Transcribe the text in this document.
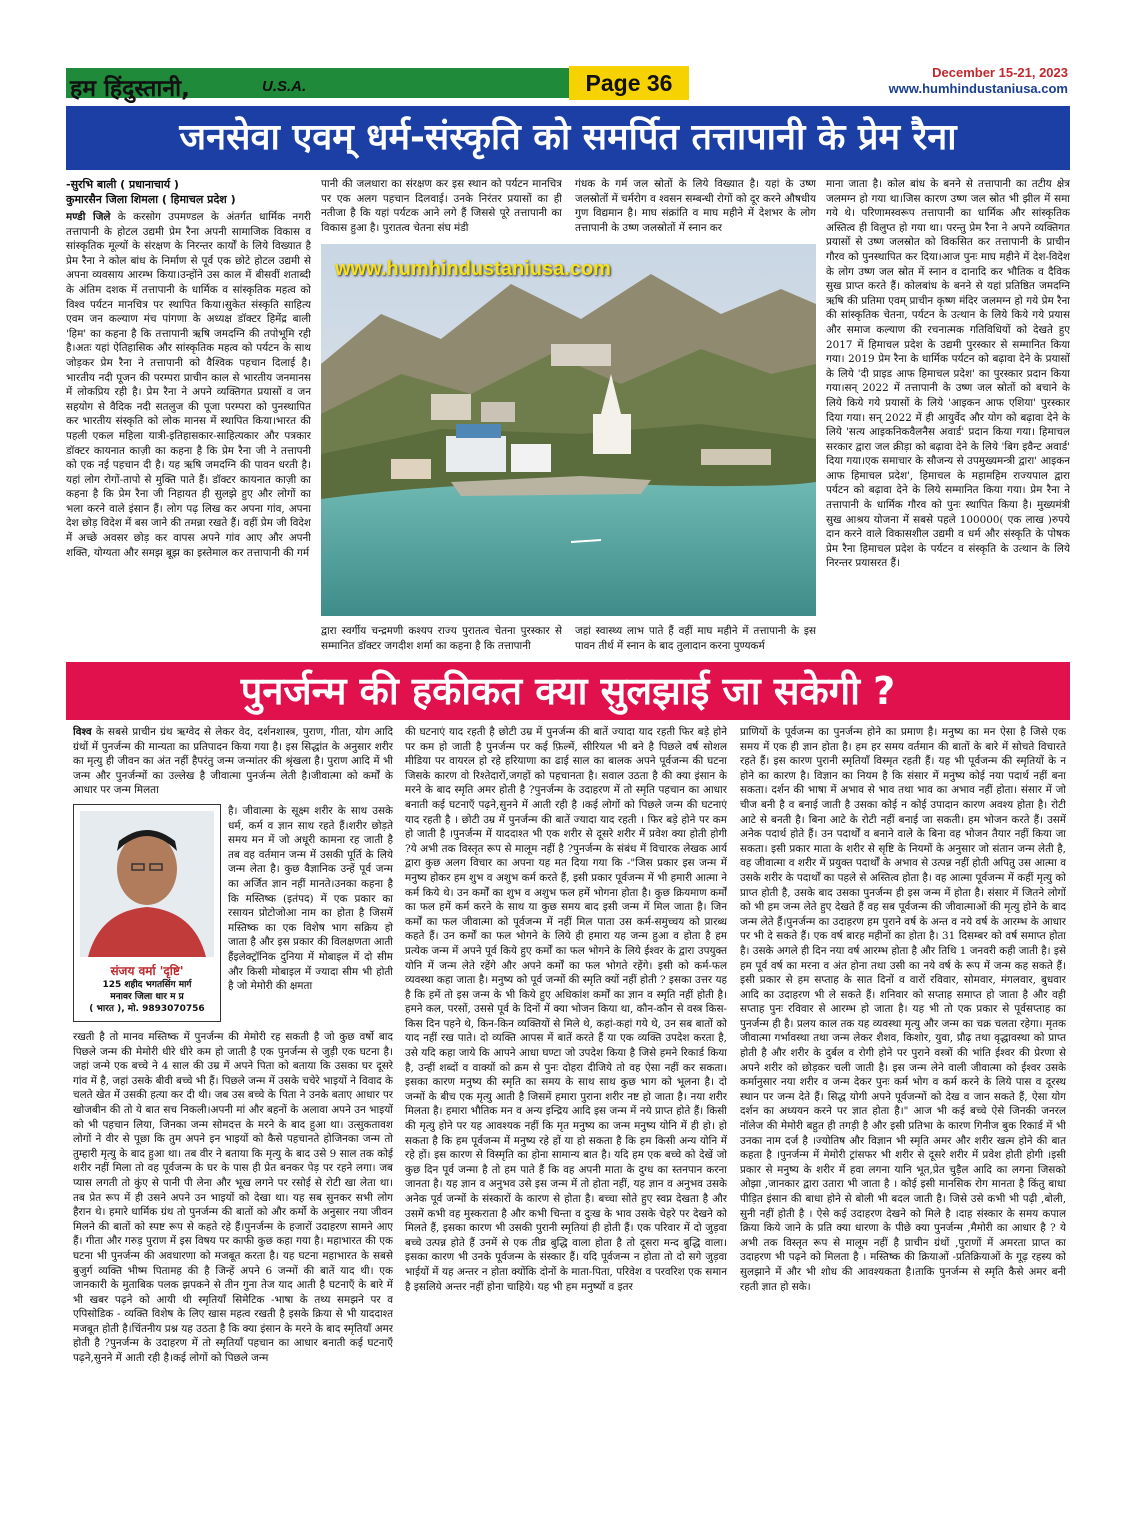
हम हिंदुस्तानी,	U.S.A.	Page 36	December 15-21, 2023
www.humhindustaniusa.com
जनसेवा एवम् धर्म-संस्कृति को समर्पित तत्तापानी के प्रेम रैना
-सुरभि बाली ( प्रधानाचार्य )
कुमारसैन जिला शिमला ( हिमाचल प्रदेश )
मण्डी जिले के करसोग उपमण्डल के अंतर्गत धार्मिक नगरी तत्तापानी के होटल उद्यमी प्रेम रैना अपनी सामाजिक विकास व सांस्कृतिक मूल्यों के संरक्षण के निरन्तर कार्यों के लिये विख्यात है प्रेम रैना ने कोल बांध के निर्माण से पूर्व एक छोटे होटल उद्यमी से अपना व्यवसाय आरम्भ किया।उन्होंने उस काल में बीसवीं शताब्दी के अंतिम दशक में तत्तापानी के धार्मिक व सांस्कृतिक महत्व को विश्व पर्यटन मानचित्र पर स्थापित किया।सुकेत संस्कृति साहित्य एवम जन कल्याण मंच पांगणा के अध्यक्ष डॉक्टर हिमेंद्र बाली 'हिम' का कहना है कि तत्तापानी ऋषि जमदग्नि की तपोभूमि रही है।अतः यहां ऐतिहासिक और सांस्कृतिक महत्व को पर्यटन के साथ जोड़कर प्रेम रैना ने तत्तापानी को वैश्विक पहचान दिलाई है। भारतीय नदी पूजन की परम्परा प्राचीन काल से भारतीय जनमानस में लोकप्रिय रही है। प्रेम रैना ने अपने व्यक्तिगत प्रयासों व जन सहयोग से वैदिक नदी सतलुज की पूजा परम्परा को पुनस्थापित कर भारतीय संस्कृति को लोक मानस में स्थापित किया।भारत की पहली एकल महिला यात्री-इतिहासकार-साहित्यकार और पत्रकार डॉक्टर कायनात काज़ी का कहना है कि प्रेम रैना जी ने तत्तापनी को एक नई पहचान दी है। यह ऋषि जमदग्नि की पावन धरती है। यहां लोग रोगों-तापो से मुक्ति पाते हैं। डॉक्टर कायनात काज़ी का कहना है कि प्रेम रैना जी निहायत ही सुलझे हुए और लोगों का भला करने वाले इंसान हैं। लोग पढ़ लिख कर अपना गांव, अपना देश छोड़ विदेश में बस जाने की तमन्ना रखते हैं। वहीं प्रेम जी विदेश में अच्छे अवसर छोड़ कर वापस अपने गांव आए और अपनी शक्ति, योग्यता और समझ बूझ का इस्तेमाल कर तत्तापानी की गर्म
पानी की जलधारा का संरक्षण कर इस स्थान को पर्यटन मानचित्र पर एक अलग पहचान दिलवाई। उनके निरंतर प्रयासों का ही नतीजा है कि यहां पर्यटक आने लगे हैं जिससे पूरे तत्तापानी का विकास हुआ है। पुरातत्व चेतना संघ मंडी
गंधक के गर्म जल स्रोतों के लिये विख्यात है। यहां के उष्ण जलस्रोतों में चर्मरोग व श्वसन सम्बन्धी रोगों को दूर करने औषधीय गुण विद्यमान है। माघ संक्रांति व माघ महीने में देशभर के लोग तत्तापानी के उष्ण जलस्रोतों में स्नान कर
www.humhindustaniusa.com
द्वारा स्वर्गीय चन्द्रमणी कश्यप राज्य पुरातत्व चेतना पुरस्कार से सम्मानित डॉक्टर जगदीश शर्मा का कहना है कि तत्तापानी
जहां स्वास्थ्य लाभ पाते हैं वहीं माघ महीने में तत्तापानी के इस पावन तीर्थ में स्नान के बाद तुलादान करना पुण्यकर्म
माना जाता है। कोल बांध के बनने से तत्तापानी का तटीय क्षेत्र जलमग्न हो गया था।जिस कारण उष्ण जल स्रोत भी झील में समा गये थे। परिणामस्वरूप तत्तापानी का धार्मिक और सांस्कृतिक अस्तित्व ही विलुप्त हो गया था। परन्तु प्रेम रैना ने अपने व्यक्तिगत प्रयासों से उष्ण जलस्रोत को विकसित कर तत्तापानी के प्राचीन गौरव को पुनस्थापित कर दिया।आज पुनः माघ महीने में देश-विदेश के लोग उष्ण जल स्रोत में स्नान व दानादि कर भौतिक व दैविक सुख प्राप्त करते हैं। कोलबांध के बनने से यहां प्रतिष्ठित जमदग्नि ऋषि की प्रतिमा एवम् प्राचीन कृष्ण मंदिर जलमग्न हो गये प्रेम रैना की सांस्कृतिक चेतना, पर्यटन के उत्थान के लिये किये गये प्रयास और समाज कल्याण की रचनात्मक गतिविधियों को देखते हुए 2017 में हिमाचल प्रदेश के उद्यमी पुरस्कार से सम्मानित किया गया। 2019 प्रेम रैना के धार्मिक पर्यटन को बढ़ावा देने के प्रयासों के लिये 'दी प्राइड आफ हिमाचल प्रदेश' का पुरस्कार प्रदान किया गया।सन् 2022 में तत्तापानी के उष्ण जल स्रोतों को बचाने के लिये किये गये प्रयासों के लिये 'आइकन आफ एशिया' पुरस्कार दिया गया। सन् 2022 में ही आयुर्वेद और योग को बढ़ावा देने के लिये 'सत्य आइकनिकवैलनैस अवार्ड' प्रदान किया गया। हिमाचल सरकार द्वारा जल क्रीड़ा को बढ़ावा देने के लिये 'बिग इवैन्ट अवार्ड' दिया गया।एक समाचार के सौजन्य से उपमुख्यमन्त्री द्वारा' आइकन आफ हिमाचल प्रदेश', हिमाचल के महामहिम राज्यपाल द्वारा पर्यटन को बढ़ावा देने के लिये सम्मानित किया गया। प्रेम रैना ने तत्तापानी के धार्मिक गौरव को पुनः स्थापित किया है। मुख्यमंत्री सुख आश्रय योजना में सबसे पहले 100000( एक लाख )रुपये दान करने वाले विकासशील उद्यमी व धर्म और संस्कृति के पोषक प्रेम रैना हिमाचल प्रदेश के पर्यटन व संस्कृति के उत्थान के लिये निरन्तर प्रयासरत हैं।
पुनर्जन्म की हकीकत क्या सुलझाई जा सकेगी ?
विश्व के सबसे प्राचीन ग्रंथ ऋग्वेद से लेकर वेद, दर्शनशास्त्र, पुराण, गीता, योग आदि ग्रंथों में पुनर्जन्म की मान्यता का प्रतिपादन किया गया है। इस सिद्धांत के अनुसार शरीर का मृत्यु ही जीवन का अंत नहीं हैपरंतु जन्म जन्मांतर की श्रृंखला है। पुराण आदि में भी जन्म और पुनर्जन्मों का उल्लेख है जीवात्मा पुनर्जन्म लेती है।जीवात्मा को कर्मों के आधार पर जन्म मिलता
संजय वर्मा 'दृष्टि'
125 शहीद भगतसिंग मार्ग
मनावर जिला धार म प्र
( भारत ), मो. 9893070756
है। जीवात्मा के सूक्ष्म शरीर के साथ उसके धर्म, कर्म व ज्ञान साथ रहते हैं।शरीर छोड़ते समय मन में जो अधूरी कामना रह जाती है तब वह वर्तमान जन्म में उसकी पूर्ति के लिये जन्म लेता है। कुछ वैज्ञानिक उन्हें पूर्व जन्म का अर्जित ज्ञान नहीं मानते।उनका कहना है कि मस्तिष्क (इतंपद) में एक प्रकार का रसायन प्रोटोजोआ नाम का होता है जिसमें मस्तिष्क का एक विशेष भाग सक्रिय हो जाता है और इस प्रकार की विलक्षणता आती हैंइलेक्ट्रॉनिक दुनिया में मोबाइल में दो सीम और किसी मोबाइल में ज्यादा सीम भी होती है जो मेमोरी की क्षमता
रखती है तो मानव मस्तिष्क में पुनर्जन्म की मेमोरी रह सकती है जो कुछ वर्षो बाद पिछले जन्म की मेमोरी धीरे धीरे कम हो जाती है एक पुनर्जन्म से जुड़ी एक घटना है।जहां जन्मे एक बच्चे ने 4 साल की उम्र में अपने पिता को बताया कि उसका घर दूसरे गांव में है, जहां उसके बीवी बच्चे भी हैं। पिछले जन्म में उसके चचेरे भाइयों ने विवाद के चलते खेत में उसकी हत्या कर दी थी। जब उस बच्चे के पिता ने उनके बताए आधार पर खोजबीन की तो ये बात सच निकली।अपनी मां और बहनों के अलावा अपने उन भाइयों को भी पहचान लिया, जिनका जन्म सोमदत्त के मरने के बाद हुआ था। उत्सुकतावश लोगों ने वीर से पूछा कि तुम अपने इन भाइयों को कैसे पहचानते होजिनका जन्म तो तुम्हारी मृत्यु के बाद हुआ था। तब वीर ने बताया कि मृत्यु के बाद उसे 9 साल तक कोई शरीर नहीं मिला तो वह पूर्वजन्म के घर के पास ही प्रेत बनकर पेड़ पर रहने लगा। जब प्यास लगती तो कुंए से पानी पी लेना और भूख लगने पर रसोई से रोटी खा लेता था। तब प्रेत रूप में ही उसने अपने उन भाइयों को देखा था। यह सब सुनकर सभी लोग हैरान थे। हमारे धार्मिक ग्रंथ तो पुनर्जन्म की बातों को और कर्मो के अनुसार नया जीवन मिलने की बातों को स्पष्ट रूप से कहते रहे हैं।पुनर्जन्म के हजारों उदाहरण सामने आए हैं। गीता और गरुड़ पुराण में इस विषय पर काफी कुछ कहा गया है। महाभारत की एक घटना भी पुनर्जन्म की अवधारणा को मजबूत करता है। यह घटना महाभारत के सबसे बुजुर्ग व्यक्ति भीष्म पितामह की है जिन्हें अपने 6 जन्मों की बातें याद थी। एक जानकारी के मुताबिक पलक झपकने से तीन गुना तेज याद आती है घटनाएँ के बारे में भी खबर पढ़ने को आयी थी स्मृतियाँ सिमेटिक -भाषा के तथ्य समझने पर व एपिसोडिक - व्यक्ति विशेष के लिए खास महत्व रखती है इसके क्रिया से भी याददाश्त मजबूत होती है।चिंतनीय प्रश्न यह उठता है कि क्या इंसान के मरने के बाद स्मृतियाँ अमर होती है ?पुनर्जन्म के उदाहरण में तो स्मृतियाँ पहचान का आधार बनाती कई घटनाएँ पढ़ने,सुनने में आती रही है।कई लोगों को पिछले जन्म
की घटनाएं याद रहती है छोटी उम्र में पुनर्जन्म की बातें ज्यादा याद रहती फिर बड़े होने पर कम हो जाती है पुनर्जन्म पर कई फ़िल्में, सीरियल भी बने है पिछले वर्ष सोशल मीडिया पर वायरल हो रहे हरियाणा का ढाई साल का बालक अपने पूर्वजन्म की घटना जिसके कारण वो रिश्तेदारों,जगहों को पहचानता है। सवाल उठता है की क्या इंसान के मरने के बाद स्मृति अमर होती है ?पुनर्जन्म के उदाहरण में तो स्मृति पहचान का आधार बनाती कई घटनाएँ पढ़ने,सुनने में आती रही है ।कई लोगों को पिछले जन्म की घटनाएं याद रहती है । छोटी उम्र में पुनर्जन्म की बातें ज्यादा याद रहती । फिर बड़े होने पर कम हो जाती है ।पुनर्जन्म में याददाश्त भी एक शरीर से दूसरे शरीर में प्रवेश क्या होती होगी ?ये अभी तक विस्तृत रूप से मालूम नहीं है ?पुनर्जन्म के संबंध में विचारक लेखक आर्य द्वारा कुछ अलग विचार का अपना यह मत दिया गया कि -"जिस प्रकार इस जन्म में मनुष्य होकर हम शुभ व अशुभ कर्म करते हैं, इसी प्रकार पूर्वजन्म में भी हमारी आत्मा ने कर्म किये थे। उन कर्मों का शुभ व अशुभ फल हमें भोगना होता है। कुछ क्रियमाण कर्मों का फल हमें कर्म करने के साथ या कुछ समय बाद इसी जन्म में मिल जाता है। जिन कर्मों का फल जीवात्मा को पूर्वजन्म में नहीं मिल पाता उस कर्म-समुच्चय को प्रारब्ध कहते हैं। उन कर्मों का फल भोगने के लिये ही हमारा यह जन्म हुआ व होता है हम प्रत्येक जन्म में अपने पूर्व किये हुए कर्मों का फल भोगने के लिये ईश्वर के द्वारा उपयुक्त योनि में जन्म लेते रहेंगे और अपने कर्मों का फल भोगते रहेंगे। इसी को कर्म-फल व्यवस्था कहा जाता है। मनुष्य को पूर्व जन्मों की स्मृति क्यों नहीं होती ? इसका उत्तर यह है कि हमें तो इस जन्म के भी किये हुए अधिकांश कर्मों का ज्ञान व स्मृति नहीं होती है। हमने कल, परसों, उससे पूर्व के दिनों में क्या भोजन किया था, कौन-कौन से वस्त्र किस-किस दिन पहने थे, किन-किन व्यक्तियों से मिले थे, कहां-कहां गये थे, उन सब बातों को याद नहीं रख पाते। दो व्यक्ति आपस में बातें करते हैं या एक व्यक्ति उपदेश करता है, उसे यदि कहा जाये कि आपने आधा घण्टा जो उपदेश किया है जिसे हमने रिकार्ड किया है, उन्हीं शब्दों व वाक्यों को क्रम से पुनः दोहरा दीजिये तो वह ऐसा नहीं कर सकता। इसका कारण मनुष्य की स्मृति का समय के साथ साथ कुछ भाग को भूलना है। दो जन्मों के बीच एक मृत्यु आती है जिसमें हमारा पुराना शरीर नष्ट हो जाता है। नया शरीर मिलता है। हमारा भौतिक मन व अन्य इन्द्रिय आदि इस जन्म में नये प्राप्त होते हैं। किसी की मृत्यु होने पर यह आवश्यक नहीं कि मृत मनुष्य का जन्म मनुष्य योनि में ही हो। हो सकता है कि हम पूर्वजन्म में मनुष्य रहे हों या हो सकता है कि हम किसी अन्य योनि में रहे हों। इस कारण से विस्मृति का होना सामान्य बात है। यदि हम एक बच्चे को देखें जो कुछ दिन पूर्व जन्मा है तो हम पाते हैं कि वह अपनी माता के दुग्ध का स्तनपान करना जानता है। यह ज्ञान व अनुभव उसे इस जन्म में तो होता नहीं, यह ज्ञान व अनुभव उसके अनेक पूर्व जन्मों के संस्कारों के कारण से होता है। बच्चा सोते हुए स्वप्न देखता है और उसमें कभी वह मुस्कराता है और कभी चिन्ता व दुःख के भाव उसके चेहरे पर देखने को मिलते हैं, इसका कारण भी उसकी पुरानी स्मृतियां ही होती हैं। एक परिवार में दो जुड़वा बच्चे उत्पन्न होते हैं उनमें से एक तीव्र बुद्धि वाला होता है तो दूसरा मन्द बुद्धि वाला। इसका कारण भी उनके पूर्वजन्म के संस्कार हैं। यदि पूर्वजन्म न होता तो दो सगे जुड़वा भाईयों में यह अन्तर न होता क्योंकि दोनों के माता-पिता, परिवेश व परवरिश एक समान है इसलिये अन्तर नहीं होना चाहिये। यह भी हम मनुष्यों व इतर
प्राणियों के पूर्वजन्म का पुनर्जन्म होने का प्रमाण है। मनुष्य का मन ऐसा है जिसे एक समय में एक ही ज्ञान होता है। हम हर समय वर्तमान की बातों के बारे में सोचते विचारते रहते हैं। इस कारण पुरानी स्मृतियाँ विस्मृत रहती हैं। यह भी पूर्वजन्म की स्मृतियों के न होने का कारण है। विज्ञान का नियम है कि संसार में मनुष्य कोई नया पदार्थ नहीं बना सकता। दर्शन की भाषा में अभाव से भाव तथा भाव का अभाव नहीं होता। संसार में जो चीज बनी है व बनाई जाती है उसका कोई न कोई उपादान कारण अवश्य होता है। रोटी आटे से बनती है। बिना आटे के रोटी नहीं बनाई जा सकती। हम भोजन करते हैं। उसमें अनेक पदार्थ होते हैं। उन पदार्थों व बनाने वाले के बिना वह भोजन तैयार नहीं किया जा सकता। इसी प्रकार माता के शरीर से सृष्टि के नियमों के अनुसार जो संतान जन्म लेती है, वह जीवात्मा व शरीर में प्रयुक्त पदार्थों के अभाव से उत्पन्न नहीं होती अपितु उस आत्मा व उसके शरीर के पदार्थों का पहले से अस्तित्व होता है। वह आत्मा पूर्वजन्म में कहीं मृत्यु को प्राप्त होती है, उसके बाद उसका पुनर्जन्म ही इस जन्म में होता है। संसार में जितने लोगों को भी हम जन्म लेते हुए देखते हैं वह सब पूर्वजन्म की जीवात्माओं की मृत्यु होने के बाद जन्म लेते हैं।पुनर्जन्म का उदाहरण हम पुराने वर्ष के अन्त व नये वर्ष के आरम्भ के आधार पर भी दे सकते हैं। एक वर्ष बारह महीनों का होता है। 31 दिसम्बर को वर्ष समाप्त होता है। उसके अगले ही दिन नया वर्ष आरम्भ होता है और तिथि 1 जनवरी कही जाती है। इसे हम पूर्व वर्ष का मरना व अंत होना तथा उसी का नये वर्ष के रूप में जन्म कह सकते हैं। इसी प्रकार से हम सप्ताह के सात दिनों व वारों रविवार, सोमवार, मंगलवार, बुधवार आदि का उदाहरण भी ले सकते हैं। शनिवार को सप्ताह समाप्त हो जाता है और वही सप्ताह पुनः रविवार से आरम्भ हो जाता है। यह भी तो एक प्रकार से पूर्वसप्ताह का पुनर्जन्म ही है। प्रलय काल तक यह व्यवस्था मृत्यु और जन्म का चक्र चलता रहेगा। मृतक जीवात्मा गर्भावस्था तथा जन्म लेकर शैशव, किशोर, युवा, प्रौढ़ तथा वृद्धावस्था को प्राप्त होती है और शरीर के दुर्बल व रोगी होने पर पुराने वस्त्रों की भांति ईश्वर की प्रेरणा से अपने शरीर को छोड़कर चली जाती है। इस जन्म लेने वाली जीवात्मा को ईश्वर उसके कर्मानुसार नया शरीर व जन्म देकर पुनः कर्म भोग व कर्म करने के लिये पास व दूरस्थ स्थान पर जन्म देते हैं। सिद्ध योगी अपने पूर्वजन्मों को देख व जान सकते हैं, ऐसा योग दर्शन का अध्ययन करने पर ज्ञात होता है।" आज भी कई बच्चे ऐसे जिनकी जनरल नॉलेज की मेमोरी बहुत ही तगड़ी है और इसी प्रतिभा के कारण गिनीज बुक रिकार्ड में भी उनका नाम दर्ज है ।ज्योतिष और विज्ञान भी स्मृति अमर और शरीर खत्म होने की बात कहता है ।पुनर्जन्म में मेमोरी ट्रांसफर भी शरीर से दूसरे शरीर में प्रवेश होती होगी ।इसी प्रकार से मनुष्य के शरीर में हवा लगना यानि भूत,प्रेत चुड़ैल आदि का लगना जिसको ओझा ,जानकार द्वारा उतारा भी जाता है । कोई इसी मानसिक रोग मानता है किंतु बाधा पीड़ित इंसान की बाधा होने से बोली भी बदल जाती है। जिसे उसे कभी भी पढ़ी ,बोली, सुनी नहीं होती है । ऐसे कई उदाहरण देखने को मिले है ।दाह संस्कार के समय कपाल क्रिया किये जाने के प्रति क्या धारणा के पीछे क्या पुनर्जन्म ,मैमोरी का आधार है ? ये अभी तक विस्तृत रूप से मालूम नहीं है प्राचीन ग्रंथों ,पुराणों में अमरता प्राप्त का उदाहरण भी पढ़ने को मिलता है । मस्तिष्क की क्रियाओं -प्रतिक्रियाओं के गूढ़ रहस्य को सुलझाने में और भी शोध की आवश्यकता है।ताकि पुनर्जन्म से स्मृति कैसे अमर बनी रहती ज्ञात हो सके।
